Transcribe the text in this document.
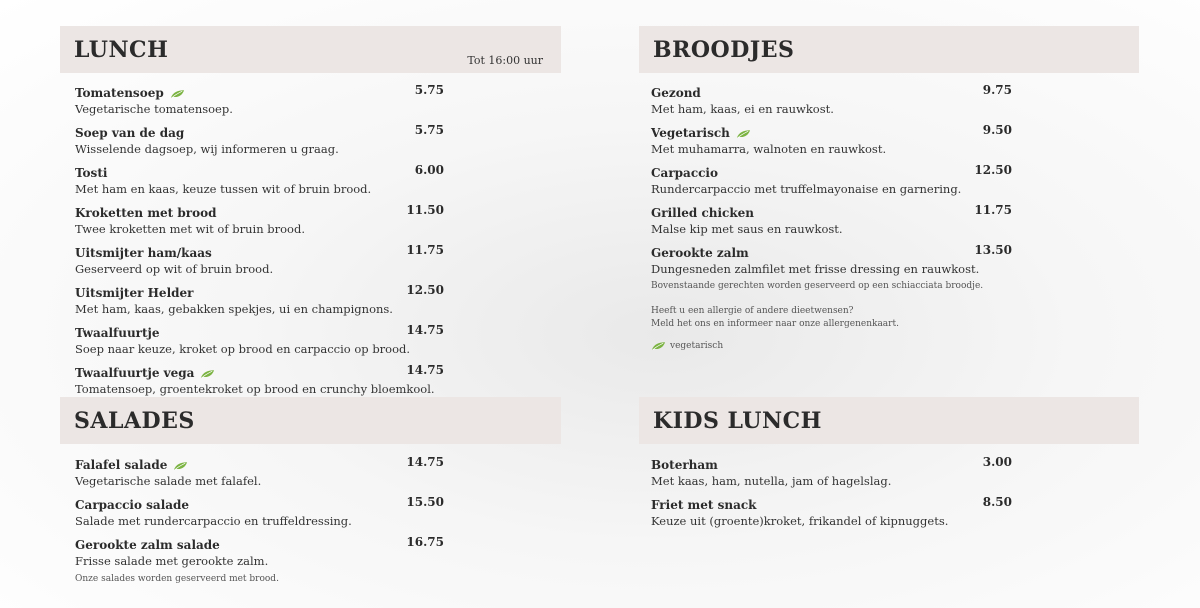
LUNCH	Tot 16:00 uur
Tomatensoep	5.75
Vegetarische tomatensoep.
Soep van de dag	5.75
Wisselende dagsoep, wij informeren u graag.
Tosti	6.00
Met ham en kaas, keuze tussen wit of bruin brood.
Kroketten met brood	11.50
Twee kroketten met wit of bruin brood.
Uitsmijter ham/kaas	11.75
Geserveerd op wit of bruin brood.
Uitsmijter Helder	12.50
Met ham, kaas, gebakken spekjes, ui en champignons.
Twaalfuurtje	14.75
Soep naar keuze, kroket op brood en carpaccio op brood.
Twaalfuurtje vega	14.75
Tomatensoep, groentekroket op brood en crunchy bloemkool.
SALADES
Falafel salade	14.75
Vegetarische salade met falafel.
Carpaccio salade	15.50
Salade met rundercarpaccio en truffeldressing.
Gerookte zalm salade	16.75
Frisse salade met gerookte zalm.
Onze salades worden geserveerd met brood.
BROODJES
Gezond	9.75
Met ham, kaas, ei en rauwkost.
Vegetarisch	9.50
Met muhamarra, walnoten en rauwkost.
Carpaccio	12.50
Rundercarpaccio met truffelmayonaise en garnering.
Grilled chicken	11.75
Malse kip met saus en rauwkost.
Gerookte zalm	13.50
Dungesneden zalmfilet met frisse dressing en rauwkost.
Bovenstaande gerechten worden geserveerd op een schiacciata broodje.
Heeft u een allergie of andere dieetwensen?
Meld het ons en informeer naar onze allergenenkaart.
vegetarisch
KIDS LUNCH
Boterham	3.00
Met kaas, ham, nutella, jam of hagelslag.
Friet met snack	8.50
Keuze uit (groente)kroket, frikandel of kipnuggets.
